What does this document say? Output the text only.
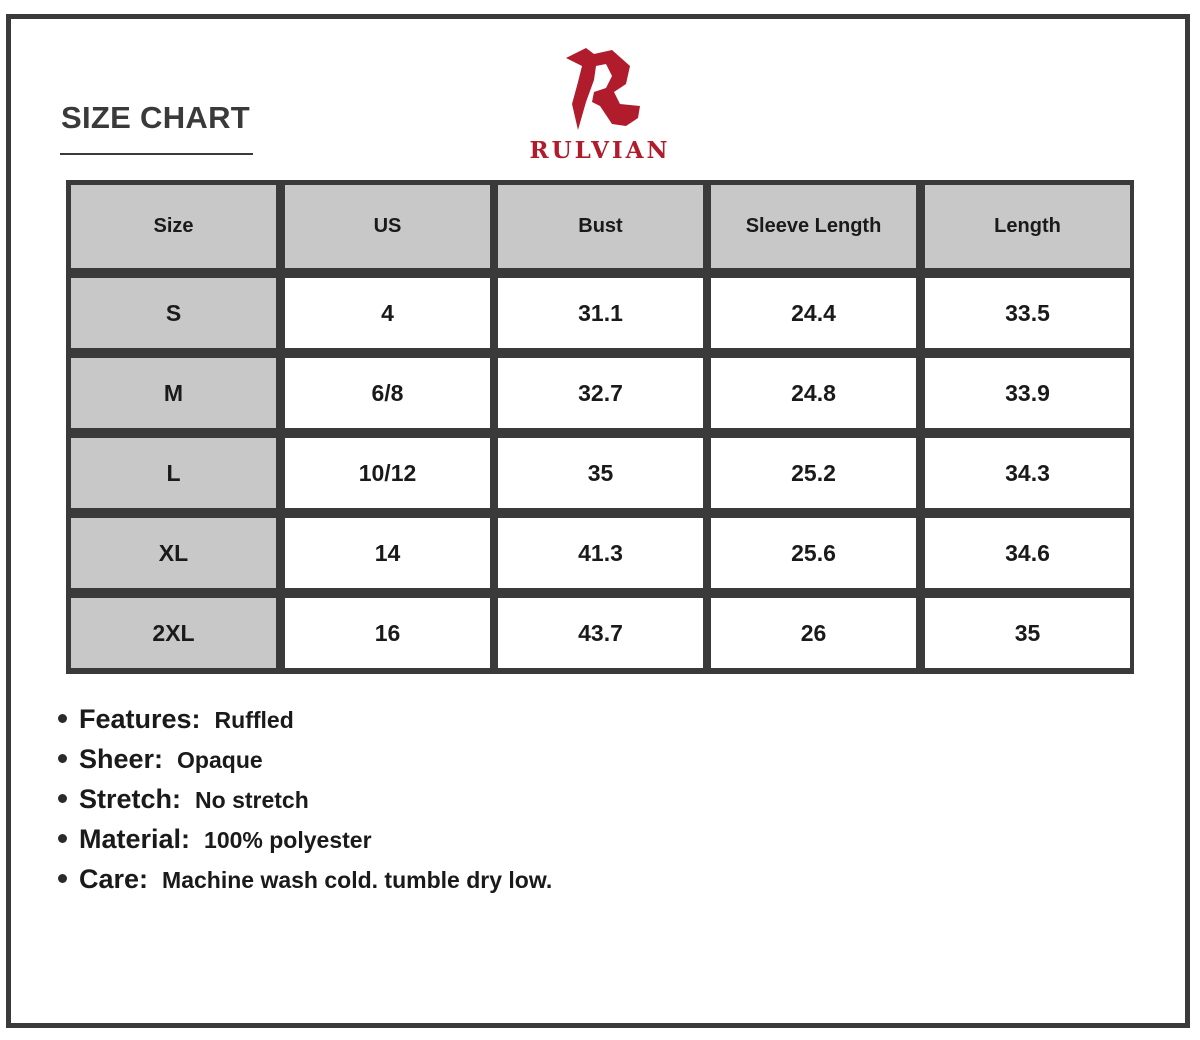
SIZE CHART
RULVIAN
Size	US	Bust	Sleeve Length	Length
S	4	31.1	24.4	33.5
M	6/8	32.7	24.8	33.9
L	10/12	35	25.2	34.3
XL	14	41.3	25.6	34.6
2XL	16	43.7	26	35
Features: Ruffled
Sheer: Opaque
Stretch: No stretch
Material: 100% polyester
Care: Machine wash cold. tumble dry low.
